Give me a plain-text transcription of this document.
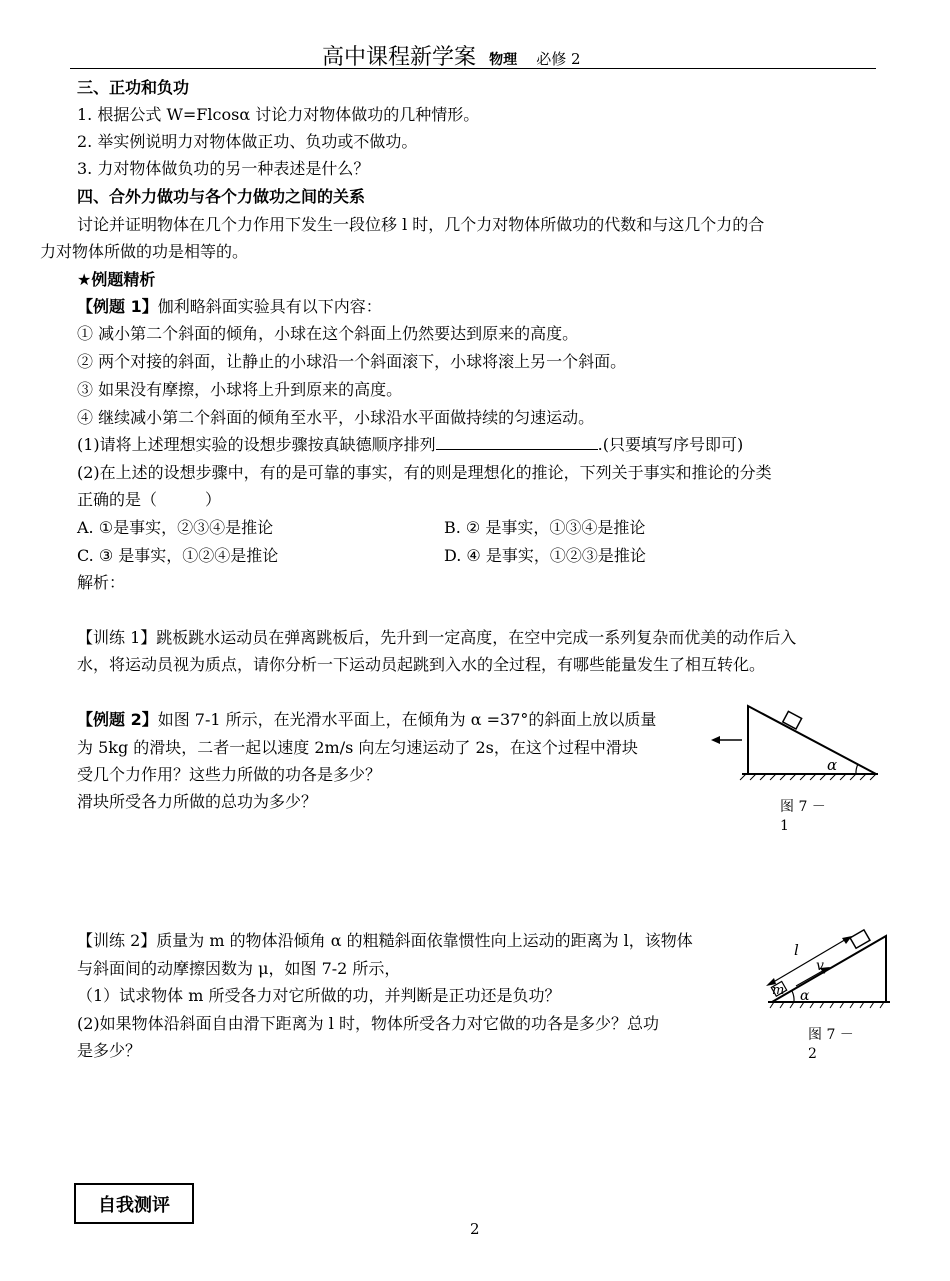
高中课程新学案 物理 必修 2
三、正功和负功
1. 根据公式 W=Flcosα 讨论力对物体做功的几种情形。
2. 举实例说明力对物体做正功、负功或不做功。
3. 力对物体做负功的另一种表述是什么？
四、合外力做功与各个力做功之间的关系
讨论并证明物体在几个力作用下发生一段位移 l 时，几个力对物体所做功的代数和与这几个力的合
力对物体所做的功是相等的。
★例题精析
【例题 1】伽利略斜面实验具有以下内容：
① 减小第二个斜面的倾角，小球在这个斜面上仍然要达到原来的高度。
② 两个对接的斜面，让静止的小球沿一个斜面滚下，小球将滚上另一个斜面。
③ 如果没有摩擦，小球将上升到原来的高度。
④ 继续减小第二个斜面的倾角至水平，小球沿水平面做持续的匀速运动。
(1)请将上述理想实验的设想步骤按真缺德顺序排列	.(只要填写序号即可)
(2)在上述的设想步骤中，有的是可靠的事实，有的则是理想化的推论，下列关于事实和推论的分类
正确的是（　　　）
A. ①是事实，②③④是推论	B. ② 是事实，①③④是推论
C. ③ 是事实，①②④是推论	D. ④ 是事实，①②③是推论
解析：
【训练 1】跳板跳水运动员在弹离跳板后，先升到一定高度，在空中完成一系列复杂而优美的动作后入
水，将运动员视为质点，请你分析一下运动员起跳到入水的全过程，有哪些能量发生了相互转化。
【例题 2】如图 7-1 所示，在光滑水平面上，在倾角为 α =37°的斜面上放以质量
为 5kg 的滑块，二者一起以速度 2m/s 向左匀速运动了 2s，在这个过程中滑块
受几个力作用？这些力所做的功各是多少？
滑块所受各力所做的总功为多少？
α
图 7 －
1
【训练 2】质量为 m 的物体沿倾角 α 的粗糙斜面依靠惯性向上运动的距离为 l，该物体
与斜面间的动摩擦因数为 μ，如图 7-2 所示，
（1）试求物体 m 所受各力对它所做的功，并判断是正功还是负功？
(2)如果物体沿斜面自由滑下距离为 l 时，物体所受各力对它做的功各是多少？总功
是多少？
l
v
m α
图 7 －
2
自我测评
2
